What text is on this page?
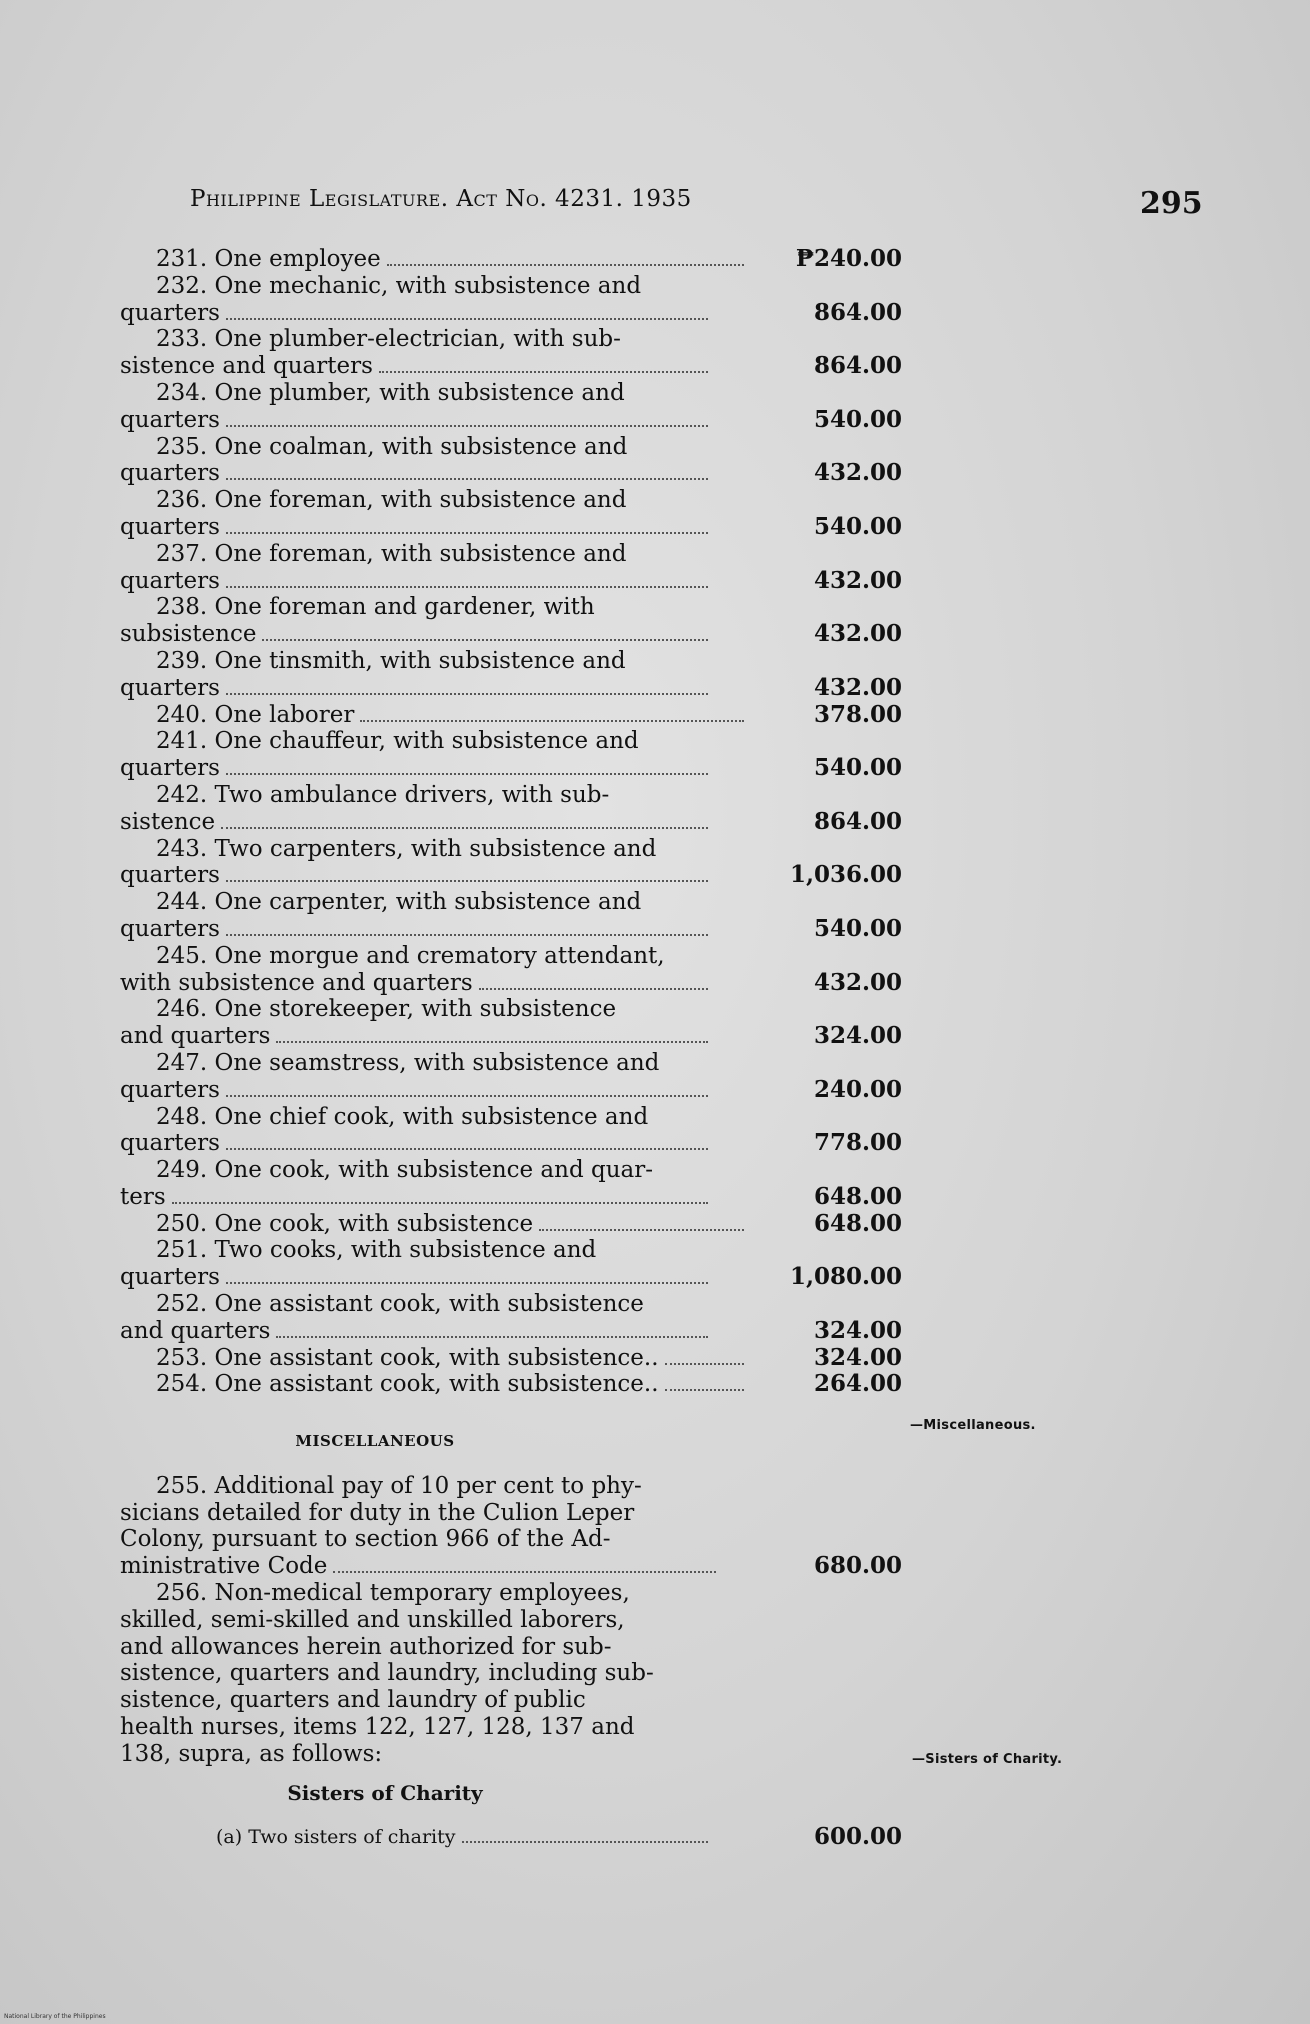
Philippine Legislature. Act No. 4231. 1935	295
231. One employee	₱240.00
232. One mechanic, with subsistence and
quarters	864.00
233. One plumber-electrician, with sub-
sistence and quarters	864.00
234. One plumber, with subsistence and
quarters	540.00
235. One coalman, with subsistence and
quarters	432.00
236. One foreman, with subsistence and
quarters	540.00
237. One foreman, with subsistence and
quarters	432.00
238. One foreman and gardener, with
subsistence	432.00
239. One tinsmith, with subsistence and
quarters	432.00
240. One laborer	378.00
241. One chauffeur, with subsistence and
quarters	540.00
242. Two ambulance drivers, with sub-
sistence	864.00
243. Two carpenters, with subsistence and
quarters	1,036.00
244. One carpenter, with subsistence and
quarters	540.00
245. One morgue and crematory attendant,
with subsistence and quarters	432.00
246. One storekeeper, with subsistence
and quarters	324.00
247. One seamstress, with subsistence and
quarters	240.00
248. One chief cook, with subsistence and
quarters	778.00
249. One cook, with subsistence and quar-
ters	648.00
250. One cook, with subsistence	648.00
251. Two cooks, with subsistence and
quarters	1,080.00
252. One assistant cook, with subsistence
and quarters	324.00
253. One assistant cook, with subsistence..	324.00
254. One assistant cook, with subsistence..	264.00
MISCELLANEOUS
255. Additional pay of 10 per cent to phy-
sicians detailed for duty in the Culion Leper
Colony, pursuant to section 966 of the Ad-
ministrative Code	680.00
256. Non-medical temporary employees,
skilled, semi-skilled and unskilled laborers,
and allowances herein authorized for sub-
sistence, quarters and laundry, including sub-
sistence, quarters and laundry of public
health nurses, items 122, 127, 128, 137 and
138, supra, as follows:
Sisters of Charity
(a) Two sisters of charity	600.00
—Miscellaneous.
—Sisters of Charity.
National Library of the Philippines
